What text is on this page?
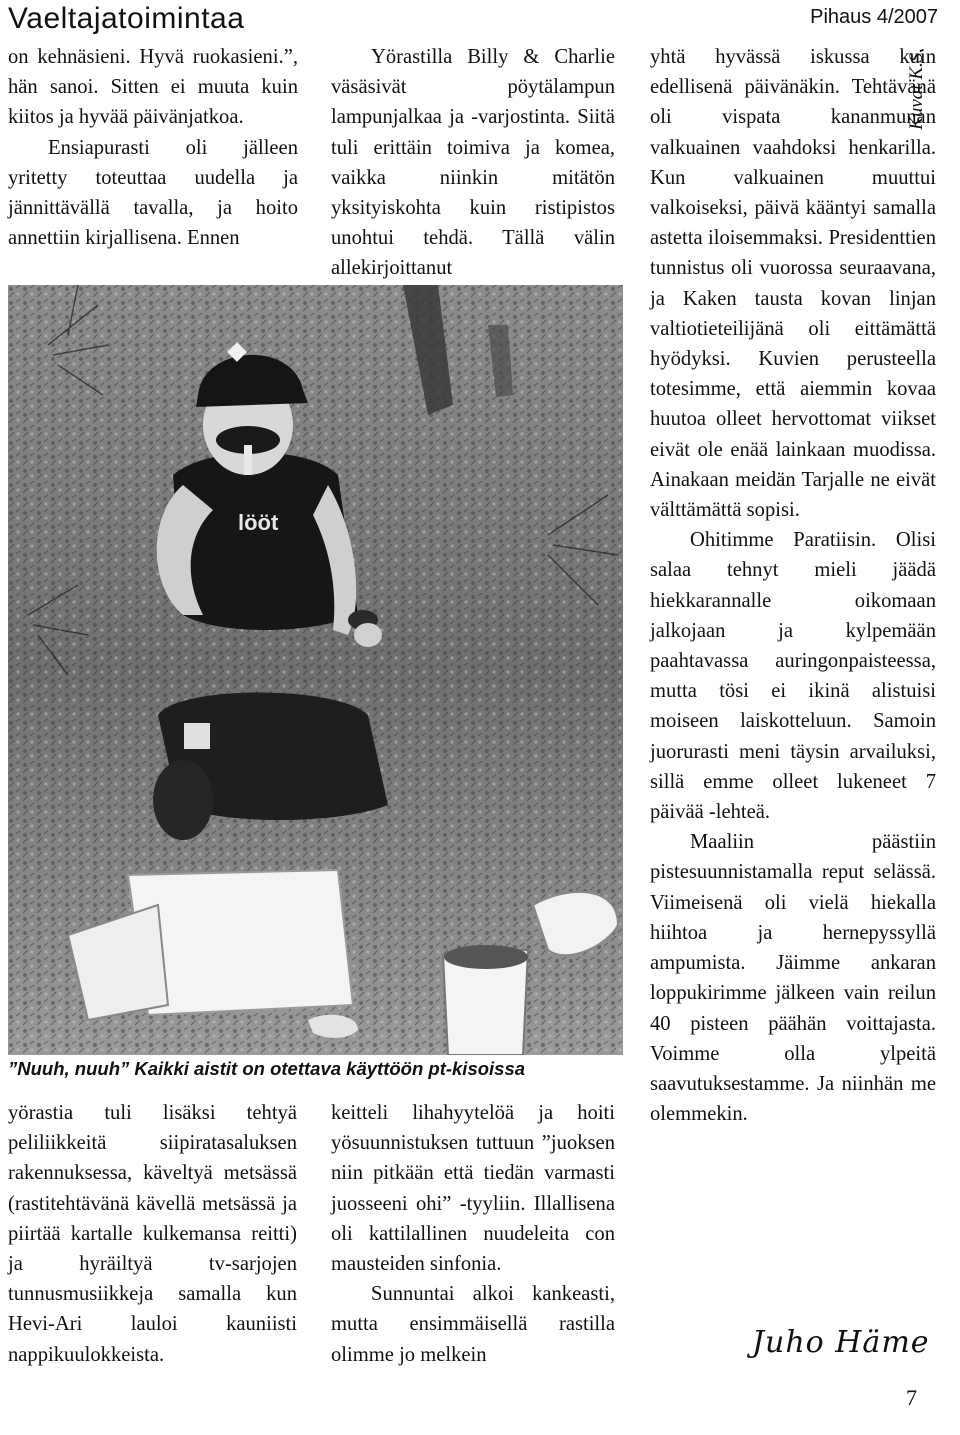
Vaeltajatoimintaa	Pihaus 4/2007

on kehnäsieni. Hyvä ruokasieni.”, hän sanoi. Sitten ei muuta kuin kiitos ja hyvää päivänjatkoa.

Ensiapurasti oli jälleen yritetty toteuttaa uudella ja jännittävällä tavalla, ja hoito annettiin kirjallisena. Ennen

Yörastilla Billy & Charlie väsäsivät pöytälampun lampunjalkaa ja -varjostinta. Siitä tuli erittäin toimiva ja komea, vaikka niinkin mitätön yksityiskohta kuin ristipistos unohtui tehdä. Tällä välin allekirjoittanut

yhtä hyvässä iskussa kuin edellisenä päivänäkin. Tehtävänä oli vispata kananmunan valkuainen vaahdoksi henkarilla. Kun valkuainen muuttui valkoiseksi, päivä kääntyi samalla astetta iloisemmaksi. Presidenttien tunnistus oli vuorossa seuraavana, ja Kaken tausta kovan linjan valtiotieteilijänä oli eittämättä hyödyksi. Kuvien perusteella totesimme, että aiemmin kovaa huutoa olleet hervottomat viikset eivät ole enää lainkaan muodissa. Ainakaan meidän Tarjalle ne eivät välttämättä sopisi.

Ohitimme Paratiisin. Olisi salaa tehnyt mieli jäädä hiekkarannalle oikomaan jalkojaan ja kylpemään paahtavassa auringonpaisteessa, mutta tösi ei ikinä alistuisi moiseen laiskotteluun. Samoin juorurasti meni täysin arvailuksi, sillä emme olleet lukeneet 7 päivää -lehteä.

Maaliin päästiin pistesuunnistamalla reput selässä. Viimeisenä oli vielä hiekalla hiihtoa ja hernepyssyllä ampumista. Jäimme ankaran loppukirimme jälkeen vain reilun 40 pisteen päähän voittajasta. Voimme olla ylpeitä saavutuksestamme. Ja niinhän me olemmekin.

Kuvat K.S.
lööt
”Nuuh, nuuh” Kaikki aistit on otettava käyttöön pt-kisoissa

yörastia tuli lisäksi tehtyä peliliikkeitä siipiratasaluksen rakennuksessa, käveltyä metsässä (rastitehtävänä kävellä metsässä ja piirtää kartalle kulkemansa reitti) ja hyräiltyä tv-sarjojen tunnusmusiikkeja samalla kun Hevi-Ari lauloi kauniisti nappikuulokkeista.

keitteli lihahyytelöä ja hoiti yösuunnistuksen tuttuun ”juoksen niin pitkään että tiedän varmasti juosseeni ohi” -tyyliin. Illallisena oli kattilallinen nuudeleita con mausteiden sinfonia.

Sunnuntai alkoi kankeasti, mutta ensimmäisellä rastilla olimme jo melkein	Juho Häme
7
